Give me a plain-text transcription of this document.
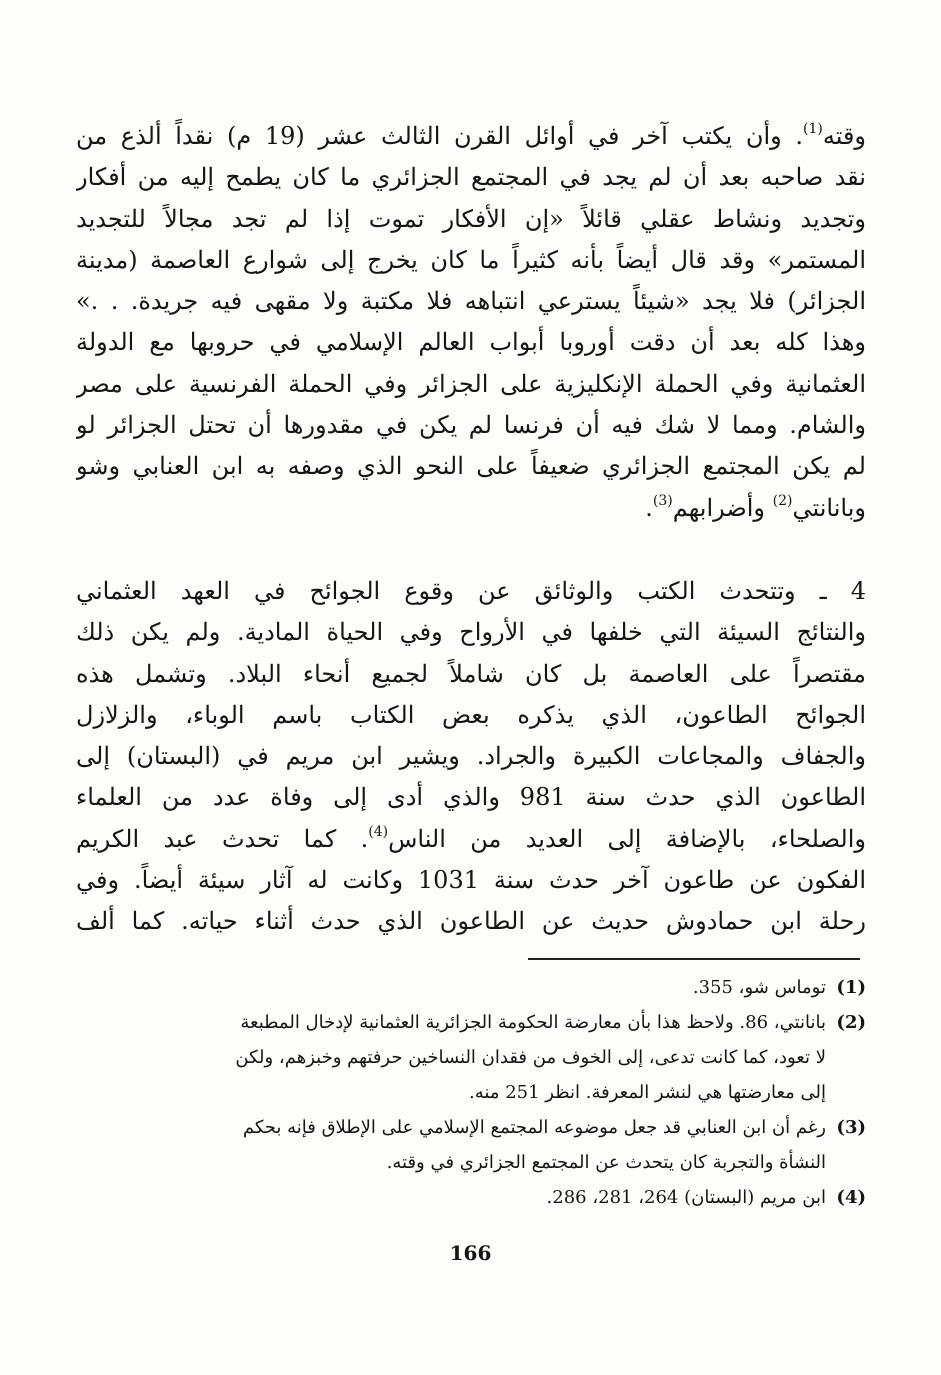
وقته$^{(1)}$. وأن يكتب آخر في أوائل القرن الثالث عشر (19 م) نقداً ألذع من
نقد صاحبه بعد أن لم يجد في المجتمع الجزائري ما كان يطمح إليه من أفكار
وتجديد ونشاط عقلي قائلاً «إن الأفكار تموت إذا لم تجد مجالاً للتجديد
المستمر» وقد قال أيضاً بأنه كثيراً ما كان يخرج إلى شوارع العاصمة (مدينة
الجزائر) فلا يجد «شيئاً يسترعي انتباهه فلا مكتبة ولا مقهى فيه جريدة. . .»
وهذا كله بعد أن دقت أوروبا أبواب العالم الإسلامي في حروبها مع الدولة
العثمانية وفي الحملة الإنكليزية على الجزائر وفي الحملة الفرنسية على مصر
والشام. ومما لا شك فيه أن فرنسا لم يكن في مقدورها أن تحتل الجزائر لو
لم يكن المجتمع الجزائري ضعيفاً على النحو الذي وصفه به ابن العنابي وشو
وبانانتي$^{(2)}$ وأضرابهم$^{(3)}$.
4 ـ وتتحدث الكتب والوثائق عن وقوع الجوائح في العهد العثماني
والنتائج السيئة التي خلفها في الأرواح وفي الحياة المادية. ولم يكن ذلك
مقتصراً على العاصمة بل كان شاملاً لجميع أنحاء البلاد. وتشمل هذه
الجوائح الطاعون، الذي يذكره بعض الكتاب باسم الوباء، والزلازل
والجفاف والمجاعات الكبيرة والجراد. ويشير ابن مريم في (البستان) إلى
الطاعون الذي حدث سنة 981 والذي أدى إلى وفاة عدد من العلماء
والصلحاء، بالإضافة إلى العديد من الناس$^{(4)}$. كما تحدث عبد الكريم
الفكون عن طاعون آخر حدث سنة 1031 وكانت له آثار سيئة أيضاً. وفي
رحلة ابن حمادوش حديث عن الطاعون الذي حدث أثناء حياته. كما ألف
(1)توماس شو، 355.
(2)بانانتي، 86. ولاحظ هذا بأن معارضة الحكومة الجزائرية العثمانية لإدخال المطبعة
لا تعود، كما كانت تدعى، إلى الخوف من فقدان النساخين حرفتهم وخبزهم، ولكن
إلى معارضتها هي لنشر المعرفة. انظر 251 منه.
(3)رغم أن ابن العنابي قد جعل موضوعه المجتمع الإسلامي على الإطلاق فإنه بحكم
النشأة والتجربة كان يتحدث عن المجتمع الجزائري في وقته.
(4)ابن مريم (البستان) 264، 281، 286.
166
